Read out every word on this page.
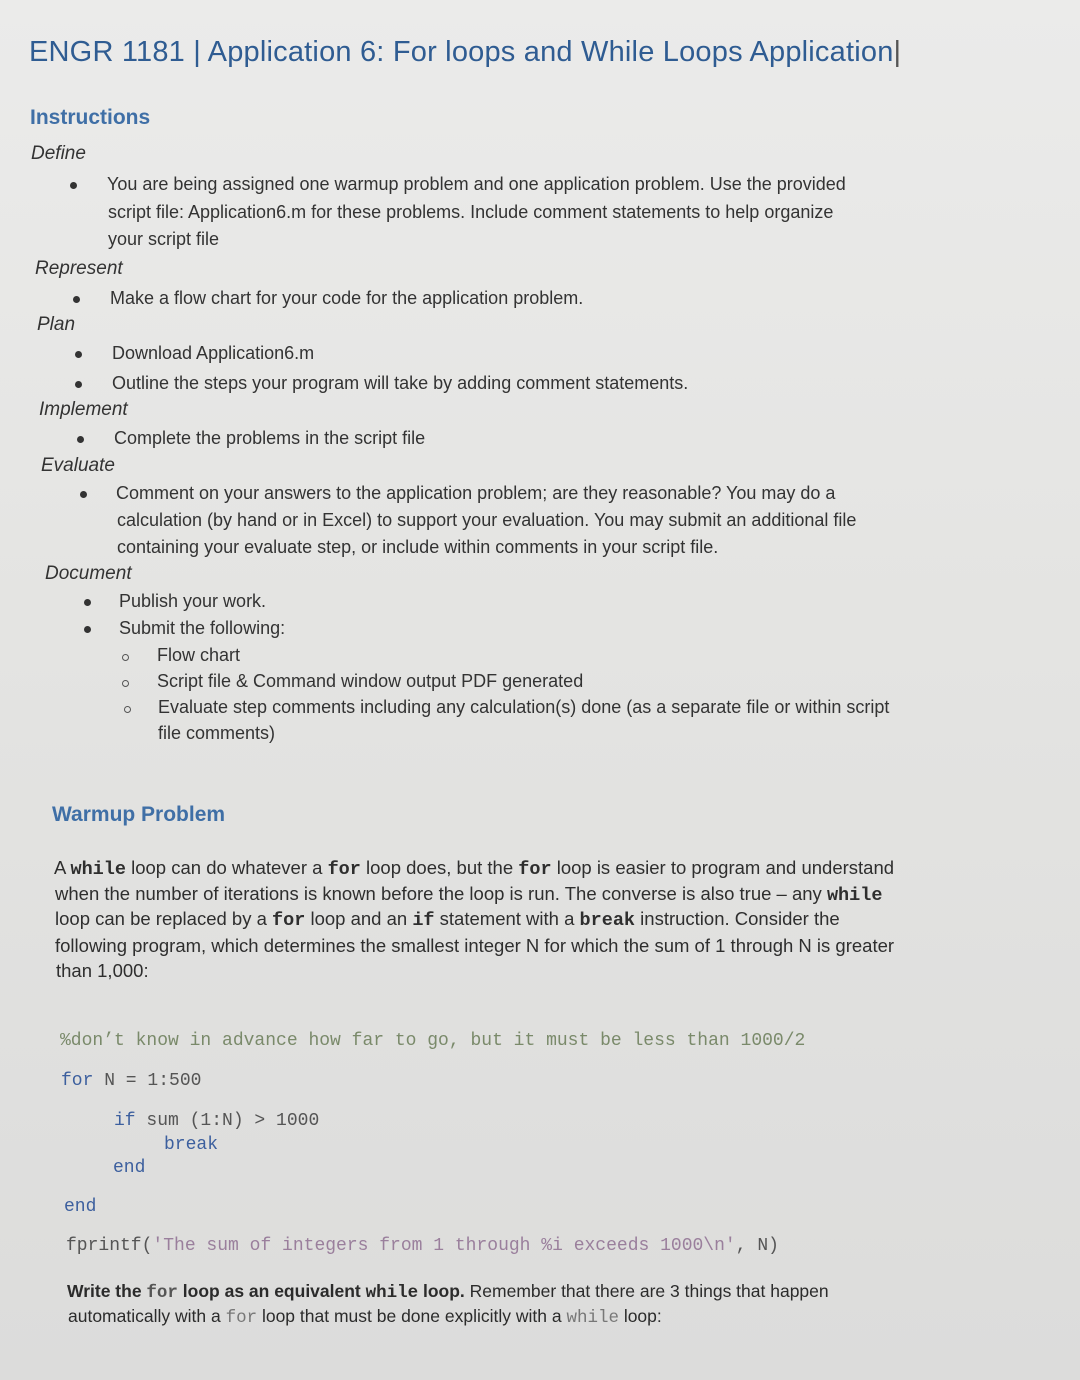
ENGR 1181 | Application 6: For loops and While Loops Application|
Instructions
Define
You are being assigned one warmup problem and one application problem. Use the provided
script file: Application6.m for these problems. Include comment statements to help organize
your script file
Represent
Make a flow chart for your code for the application problem.
Plan
Download Application6.m
Outline the steps your program will take by adding comment statements.
Implement
Complete the problems in the script file
Evaluate
Comment on your answers to the application problem; are they reasonable? You may do a
calculation (by hand or in Excel) to support your evaluation. You may submit an additional file
containing your evaluate step, or include within comments in your script file.
Document
Publish your work.
Submit the following:
Flow chart
Script file & Command window output PDF generated
Evaluate step comments including any calculation(s) done (as a separate file or within script
file comments)
Warmup Problem
A while loop can do whatever a for loop does, but the for loop is easier to program and understand
when the number of iterations is known before the loop is run. The converse is also true – any while
loop can be replaced by a for loop and an if statement with a break instruction. Consider the
following program, which determines the smallest integer N for which the sum of 1 through N is greater
than 1,000:
%don’t know in advance how far to go, but it must be less than 1000/2
for N = 1:500
if sum (1:N) > 1000
break
end
end
fprintf('The sum of integers from 1 through %i exceeds 1000\n', N)
Write the for loop as an equivalent while loop. Remember that there are 3 things that happen
automatically with a for loop that must be done explicitly with a while loop:
